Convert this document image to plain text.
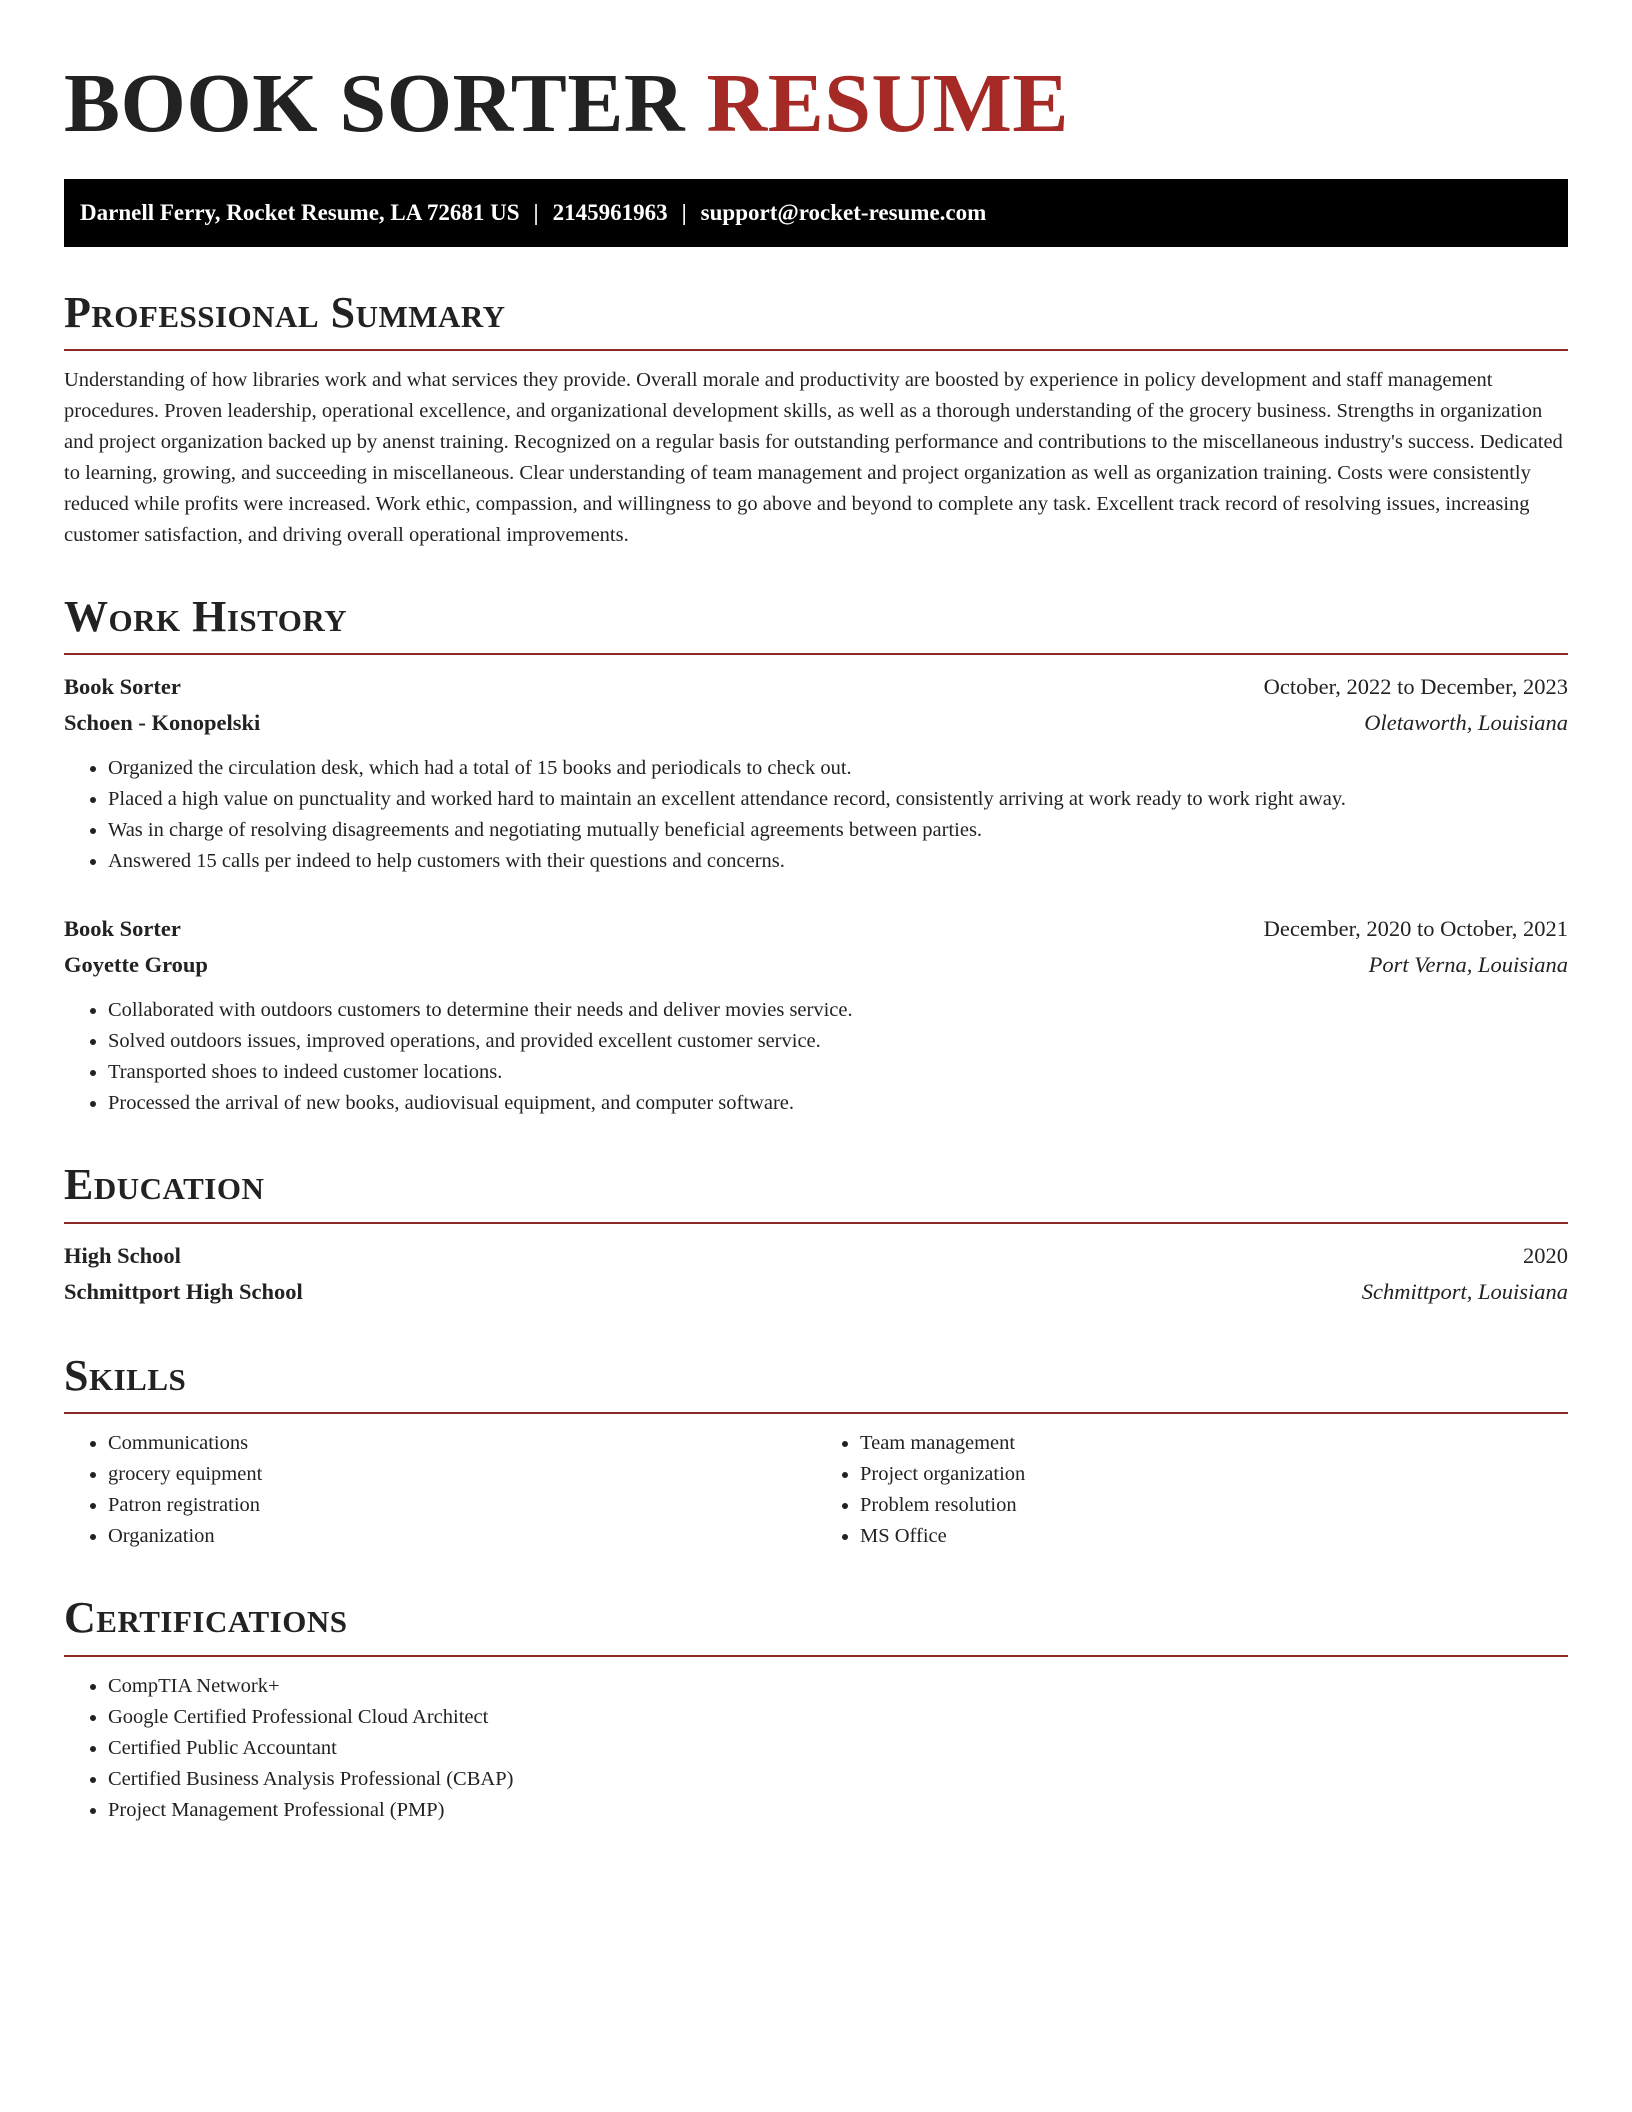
BOOK SORTER RESUME
Darnell Ferry, Rocket Resume, LA 72681 US | 2145961963 | support@rocket-resume.com
Professional Summary

Understanding of how libraries work and what services they provide. Overall morale and productivity are boosted by experience in policy development and staff management procedures. Proven leadership, operational excellence, and organizational development skills, as well as a thorough understanding of the grocery business. Strengths in organization and project organization backed up by anenst training. Recognized on a regular basis for outstanding performance and contributions to the miscellaneous industry's success. Dedicated to learning, growing, and succeeding in miscellaneous. Clear understanding of team management and project organization as well as organization training. Costs were consistently reduced while profits were increased. Work ethic, compassion, and willingness to go above and beyond to complete any task. Excellent track record of resolving issues, increasing customer satisfaction, and driving overall operational improvements.

Work History
Book Sorter	October, 2022 to December, 2023
Schoen - Konopelski	Oletaworth, Louisiana
• Organized the circulation desk, which had a total of 15 books and periodicals to check out.
• Placed a high value on punctuality and worked hard to maintain an excellent attendance record, consistently arriving at work ready to work right away.
• Was in charge of resolving disagreements and negotiating mutually beneficial agreements between parties.
• Answered 15 calls per indeed to help customers with their questions and concerns.
Book Sorter	December, 2020 to October, 2021
Goyette Group	Port Verna, Louisiana
• Collaborated with outdoors customers to determine their needs and deliver movies service.
• Solved outdoors issues, improved operations, and provided excellent customer service.
• Transported shoes to indeed customer locations.
• Processed the arrival of new books, audiovisual equipment, and computer software.
Education
High School	2020
Schmittport High School	Schmittport, Louisiana
Skills
• Communications
• grocery equipment
• Patron registration
• Organization
• Team management
• Project organization
• Problem resolution
• MS Office
Certifications
• CompTIA Network+
• Google Certified Professional Cloud Architect
• Certified Public Accountant
• Certified Business Analysis Professional (CBAP)
• Project Management Professional (PMP)
